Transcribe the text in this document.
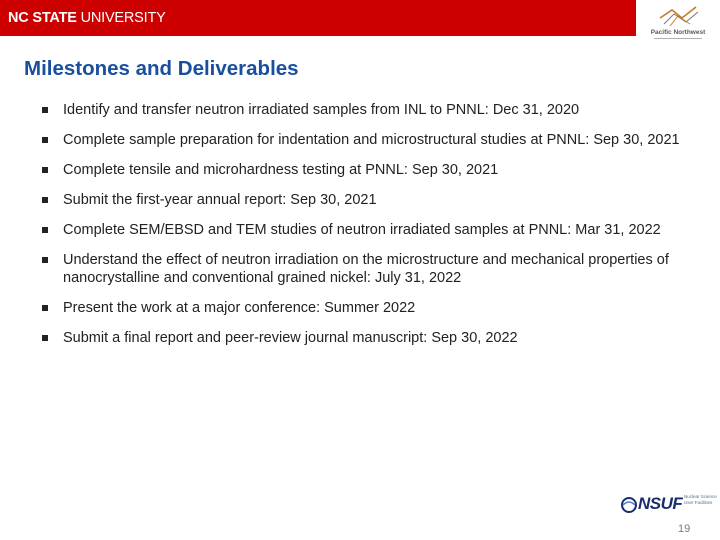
NC STATE UNIVERSITY
Pacific Northwest
Milestones and Deliverables
Identify and transfer neutron irradiated samples from INL to PNNL: Dec 31, 2020
Complete sample preparation for indentation and microstructural studies at PNNL: Sep 30, 2021
Complete tensile and microhardness testing at PNNL: Sep 30, 2021
Submit the first-year annual report: Sep 30, 2021
Complete SEM/EBSD and TEM studies of neutron irradiated samples at PNNL: Mar 31, 2022
Understand the effect of neutron irradiation on the microstructure and mechanical properties of nanocrystalline and conventional grained nickel: July 31, 2022
Present the work at a major conference: Summer 2022
Submit a final report and peer-review journal manuscript: Sep 30, 2022
NSUF Nuclear Science
User Facilities
19
